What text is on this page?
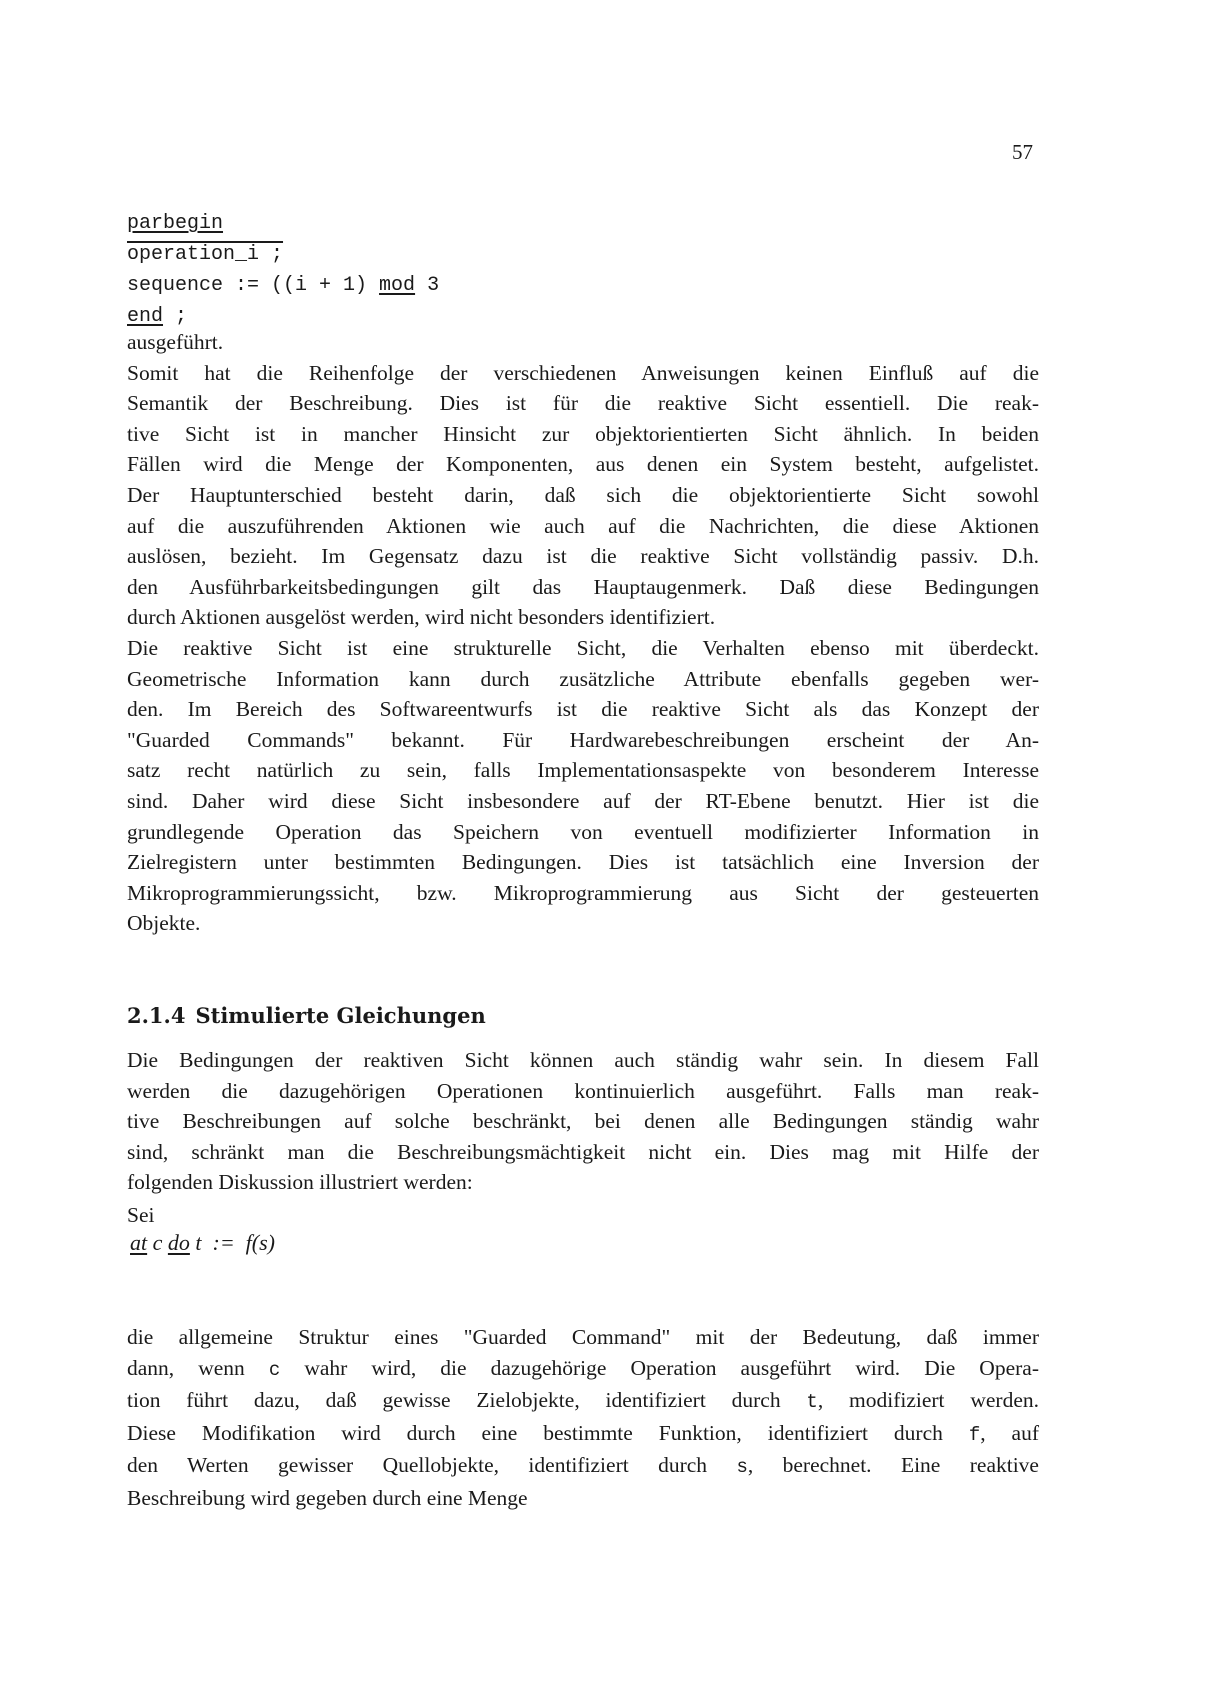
57
parbegin
operation_i ;
sequence := ((i + 1) mod 3
end ;
ausgeführt.
Somit hat die Reihenfolge der verschiedenen Anweisungen keinen Einfluß auf die
Semantik der Beschreibung. Dies ist für die reaktive Sicht essentiell. Die reak-
tive Sicht ist in mancher Hinsicht zur objektorientierten Sicht ähnlich. In beiden
Fällen wird die Menge der Komponenten, aus denen ein System besteht, aufgelistet.
Der Hauptunterschied besteht darin, daß sich die objektorientierte Sicht sowohl
auf die auszuführenden Aktionen wie auch auf die Nachrichten, die diese Aktionen
auslösen, bezieht. Im Gegensatz dazu ist die reaktive Sicht vollständig passiv. D.h.
den Ausführbarkeitsbedingungen gilt das Hauptaugenmerk. Daß diese Bedingungen
durch Aktionen ausgelöst werden, wird nicht besonders identifiziert.
Die reaktive Sicht ist eine strukturelle Sicht, die Verhalten ebenso mit überdeckt.
Geometrische Information kann durch zusätzliche Attribute ebenfalls gegeben wer-
den. Im Bereich des Softwareentwurfs ist die reaktive Sicht als das Konzept der
"Guarded Commands" bekannt. Für Hardwarebeschreibungen erscheint der An-
satz recht natürlich zu sein, falls Implementationsaspekte von besonderem Interesse
sind. Daher wird diese Sicht insbesondere auf der RT-Ebene benutzt. Hier ist die
grundlegende Operation das Speichern von eventuell modifizierter Information in
Zielregistern unter bestimmten Bedingungen. Dies ist tatsächlich eine Inversion der
Mikroprogrammierungssicht, bzw. Mikroprogrammierung aus Sicht der gesteuerten
Objekte.
2.1.4 Stimulierte Gleichungen
Die Bedingungen der reaktiven Sicht können auch ständig wahr sein. In diesem Fall
werden die dazugehörigen Operationen kontinuierlich ausgeführt. Falls man reak-
tive Beschreibungen auf solche beschränkt, bei denen alle Bedingungen ständig wahr
sind, schränkt man die Beschreibungsmächtigkeit nicht ein. Dies mag mit Hilfe der
folgenden Diskussion illustriert werden:
Sei
at c do t  :=  f(s)
die allgemeine Struktur eines "Guarded Command" mit der Bedeutung, daß immer
dann, wenn c wahr wird, die dazugehörige Operation ausgeführt wird. Die Opera-
tion führt dazu, daß gewisse Zielobjekte, identifiziert durch t, modifiziert werden.
Diese Modifikation wird durch eine bestimmte Funktion, identifiziert durch f, auf
den Werten gewisser Quellobjekte, identifiziert durch s, berechnet. Eine reaktive
Beschreibung wird gegeben durch eine Menge
